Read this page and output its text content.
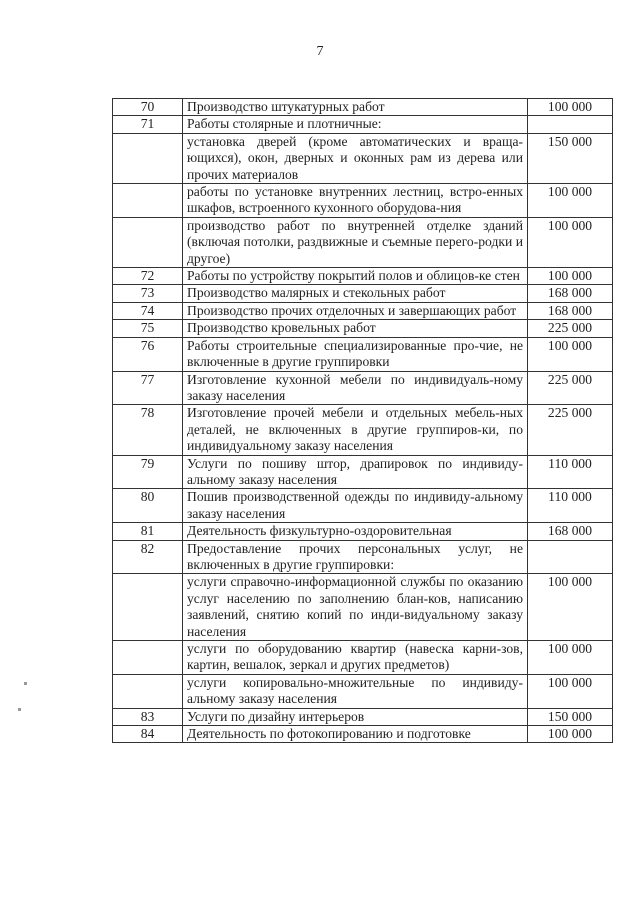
7
70	Производство штукатурных работ	100 000
71	Работы столярные и плотничные:	
	установка дверей (кроме автоматических и враща-ющихся), окон, дверных и оконных рам из дерева или прочих материалов	150 000
	работы по установке внутренних лестниц, встро-енных шкафов, встроенного кухонного оборудова-ния	100 000
	производство работ по внутренней отделке зданий (включая потолки, раздвижные и съемные перего-родки и другое)	100 000
72	Работы по устройству покрытий полов и облицов-ке стен	100 000
73	Производство малярных и стекольных работ	168 000
74	Производство прочих отделочных и завершающих работ	168 000
75	Производство кровельных работ	225 000
76	Работы строительные специализированные про-чие, не включенные в другие группировки	100 000
77	Изготовление кухонной мебели по индивидуаль-ному заказу населения	225 000
78	Изготовление прочей мебели и отдельных мебель-ных деталей, не включенных в другие группиров-ки, по индивидуальному заказу населения	225 000
79	Услуги по пошиву штор, драпировок по индивиду-альному заказу населения	110 000
80	Пошив производственной одежды по индивиду-альному заказу населения	110 000
81	Деятельность физкультурно-оздоровительная	168 000
82	Предоставление прочих персональных услуг, не включенных в другие группировки:	
	услуги справочно-информационной службы по оказанию услуг населению по заполнению блан-ков, написанию заявлений, снятию копий по инди-видуальному заказу населения	100 000
	услуги по оборудованию квартир (навеска карни-зов, картин, вешалок, зеркал и других предметов)	100 000
	услуги копировально-множительные по индивиду-альному заказу населения	100 000
83	Услуги по дизайну интерьеров	150 000
84	Деятельность по фотокопированию и подготовке	100 000
